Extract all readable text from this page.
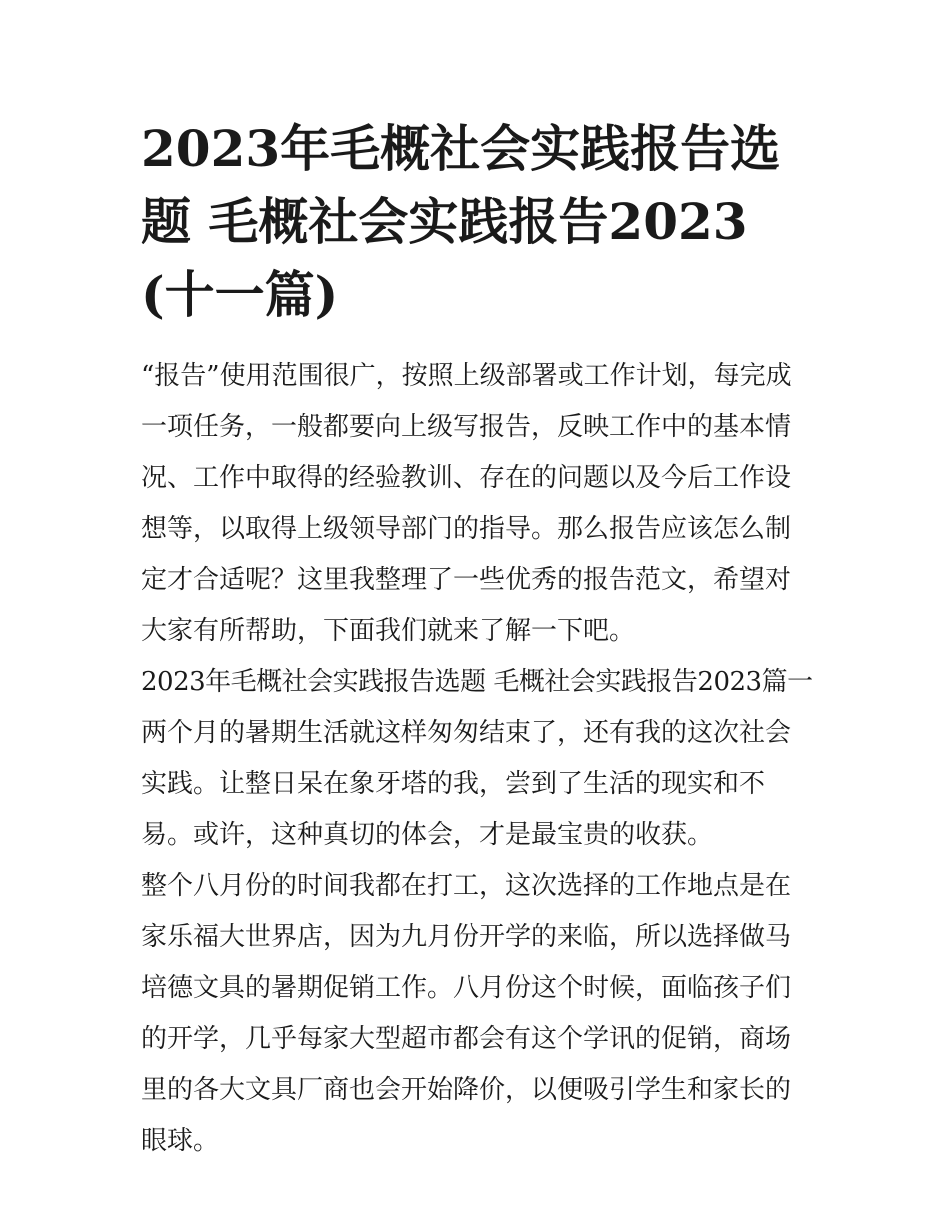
2023年毛概社会实践报告选题 毛概社会实践报告2023(十一篇)

“报告”使用范围很广，按照上级部署或工作计划，每完成一项任务，一般都要向上级写报告，反映工作中的基本情况、工作中取得的经验教训、存在的问题以及今后工作设想等，以取得上级领导部门的指导。那么报告应该怎么制定才合适呢？这里我整理了一些优秀的报告范文，希望对大家有所帮助，下面我们就来了解一下吧。

2023年毛概社会实践报告选题 毛概社会实践报告2023篇一

两个月的暑期生活就这样匆匆结束了，还有我的这次社会实践。让整日呆在象牙塔的我，尝到了生活的现实和不易。或许，这种真切的体会，才是最宝贵的收获。

整个八月份的时间我都在打工，这次选择的工作地点是在家乐福大世界店，因为九月份开学的来临，所以选择做马培德文具的暑期促销工作。八月份这个时候，面临孩子们的开学，几乎每家大型超市都会有这个学讯的促销，商场里的各大文具厂商也会开始降价，以便吸引学生和家长的眼球。
